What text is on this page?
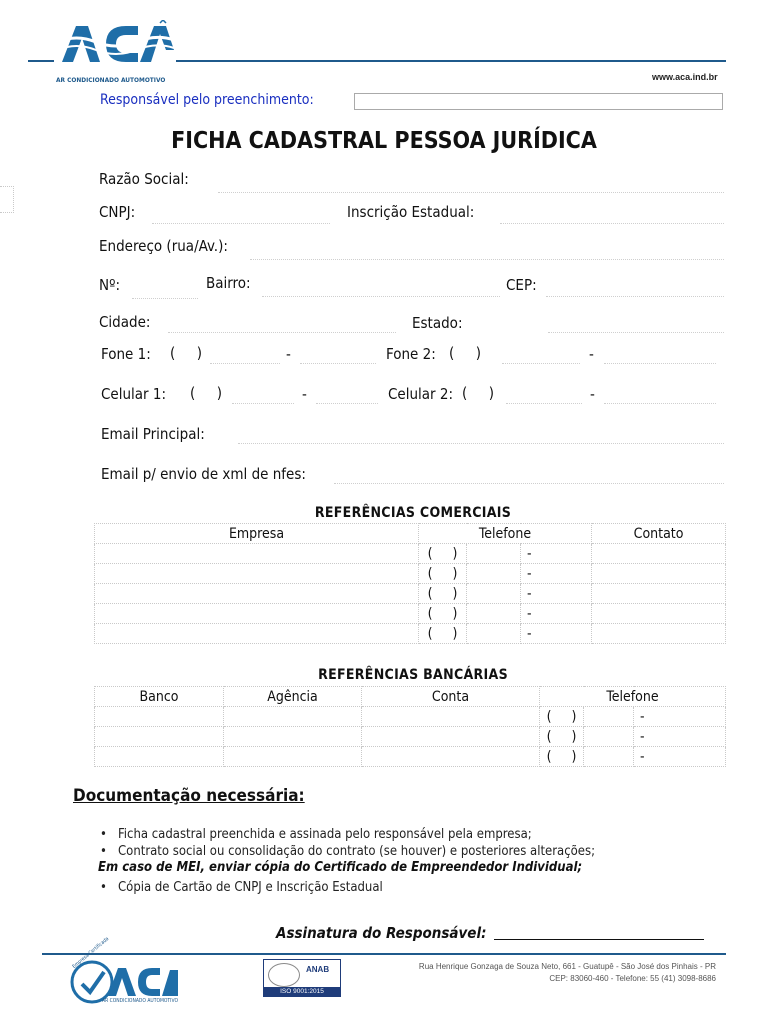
AR CONDICIONADO AUTOMOTIVO	www.aca.ind.br
Responsável pelo preenchimento:
FICHA CADASTRAL PESSOA JURÍDICA
Razão Social:
CNPJ:	Inscrição Estadual:
Endereço (rua/Av.):
Nº:	Bairro:	CEP:
Cidade:	Estado:
Fone 1: (     )	-	Fone 2: (     )	-
Celular 1: (     )	-	Celular 2: (     )	-
Email Principal:
Email p/ envio de xml de nfes:
REFERÊNCIAS COMERCIAIS
Empresa	Telefone			Contato
	(     )		-	
	(     )		-	
	(     )		-	
	(     )		-	
	(     )		-	
REFERÊNCIAS BANCÁRIAS
Banco	Agência	Conta	Telefone		
			(     )		-
			(     )		-
			(     )		-
Documentação necessária:
• Ficha cadastral preenchida e assinada pelo responsável pela empresa;
• Contrato social ou consolidação do contrato (se houver) e posteriores alterações;
Em caso de MEI, enviar cópia do Certificado de Empreendedor Individual;
• Cópia de Cartão de CNPJ e Inscrição Estadual
Assinatura do Responsável:
Empresa Certificada
AR CONDICIONADO AUTOMOTIVO
ANAB
ISO 9001:2015
Rua Henrique Gonzaga de Souza Neto, 661 - Guatupê - São José dos Pinhais - PR
CEP: 83060-460 - Telefone: 55 (41) 3098-8686
